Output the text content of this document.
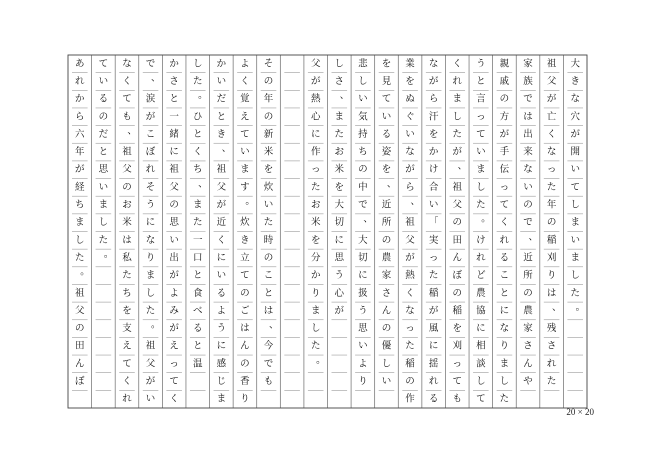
大
き
な
穴
が
開
い
て
し
ま
い
ま
し
た
。
祖
父
が
亡
く
な
っ
た
年
の
稲
刈
り
は
、
残
さ
れ
た
家
族
で
は
出
来
な
い
の
で
、
近
所
の
農
家
さ
ん
や
親
戚
の
方
が
手
伝
っ
て
く
れ
る
こ
と
に
な
り
ま
し
た
う
と
言
っ
て
い
ま
し
た
。
け
れ
ど
農
協
に
相
談
し
て
く
れ
ま
し
た
が
、
祖
父
の
田
ん
ぼ
の
稲
を
刈
っ
て
も
な
が
ら
汗
を
か
け
合
い
「
実
っ
た
稲
が
風
に
揺
れ
る
業
を
ぬ
ぐ
い
な
が
ら
、
祖
父
が
熱
く
な
っ
た
稲
の
作
を
見
て
い
る
姿
を
、
近
所
の
農
家
さ
ん
の
優
し
い
悲
し
い
気
持
ち
の
中
で
、
大
切
に
扱
う
思
い
よ
り
し
さ
、
ま
た
お
米
を
大
切
に
思
う
心
が
父
が
熱
心
に
作
っ
た
お
米
を
分
か
り
ま
し
た
。
そ
の
年
の
新
米
を
炊
い
た
時
の
こ
と
は
、
今
で
も
よ
く
覚
え
て
い
ま
す
。
炊
き
立
て
の
ご
は
ん
の
香
り
か
い
だ
と
き
、
祖
父
が
近
く
に
い
る
よ
う
に
感
じ
ま
し
た
。
ひ
と
く
ち
、
ま
た
一
口
と
食
べ
る
と
温
か
さ
と
一
緒
に
祖
父
の
思
い
出
が
よ
み
が
え
っ
て
く
で
、
涙
が
こ
ぼ
れ
そ
う
に
な
り
ま
し
た
。
祖
父
が
い
な
く
て
も
、
祖
父
の
お
米
は
私
た
ち
を
支
え
て
く
れ
て
い
る
の
だ
と
思
い
ま
し
た
。
あ
れ
か
ら
六
年
が
経
ち
ま
し
た
。
祖
父
の
田
ん
ぼ
20 × 20
